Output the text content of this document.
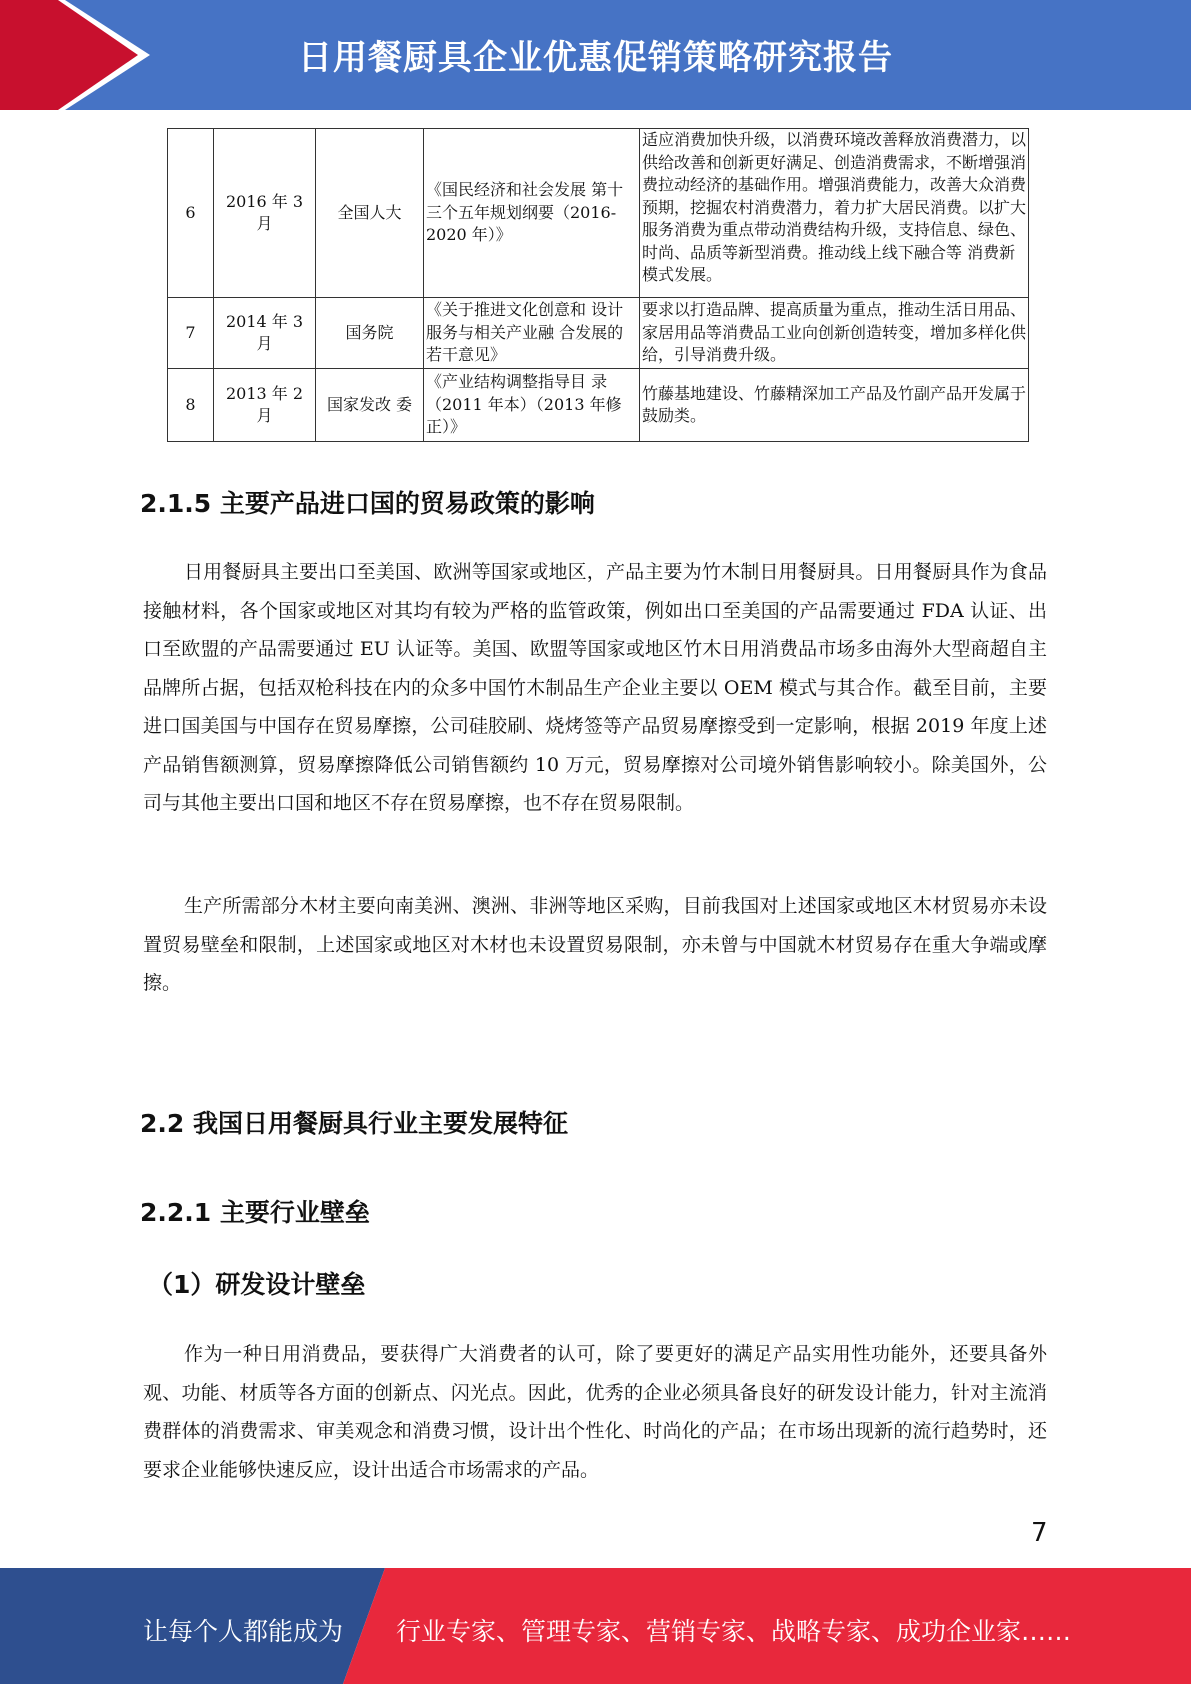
日用餐厨具企业优惠促销策略研究报告
6	2016 年 3 月	全国人大	《国民经济和社会发展 第十三个五年规划纲要（2016-2020 年）》	适应消费加快升级，以消费环境改善释放消费潜力，以供给改善和创新更好满足、创造消费需求，不断增强消费拉动经济的基础作用。增强消费能力，改善大众消费预期，挖掘农村消费潜力，着力扩大居民消费。以扩大服务消费为重点带动消费结构升级，支持信息、绿色、 时尚、品质等新型消费。推动线上线下融合等 消费新模式发展。

7	2014 年 3 月	国务院	《关于推进文化创意和 设计服务与相关产业融 合发展的若干意见》	要求以打造品牌、提高质量为重点，推动生活日用品、家居用品等消费品工业向创新创造转变，增加多样化供给，引导消费升级。
8	2013 年 2 月	国家发改 委	《产业结构调整指导目 录（2011 年本）（2013 年修正）》	竹藤基地建设、竹藤精深加工产品及竹副产品开发属于鼓励类。
2.1.5 主要产品进口国的贸易政策的影响

日用餐厨具主要出口至美国、欧洲等国家或地区，产品主要为竹木制日用餐厨具。日用餐厨具作为食品接触材料，各个国家或地区对其均有较为严格的监管政策，例如出口至美国的产品需要通过 FDA 认证、出口至欧盟的产品需要通过 EU 认证等。美国、欧盟等国家或地区竹木日用消费品市场多由海外大型商超自主品牌所占据，包括双枪科技在内的众多中国竹木制品生产企业主要以 OEM 模式与其合作。截至目前，主要进口国美国与中国存在贸易摩擦，公司硅胶刷、烧烤签等产品贸易摩擦受到一定影响，根据 2019 年度上述产品销售额测算，贸易摩擦降低公司销售额约 10 万元，贸易摩擦对公司境外销售影响较小。除美国外，公司与其他主要出口国和地区不存在贸易摩擦，也不存在贸易限制。

生产所需部分木材主要向南美洲、澳洲、非洲等地区采购，目前我国对上述国家或地区木材贸易亦未设置贸易壁垒和限制，上述国家或地区对木材也未设置贸易限制，亦未曾与中国就木材贸易存在重大争端或摩擦。

2.2 我国日用餐厨具行业主要发展特征
2.2.1 主要行业壁垒
（1）研发设计壁垒

作为一种日用消费品，要获得广大消费者的认可，除了要更好的满足产品实用性功能外，还要具备外观、功能、材质等各方面的创新点、闪光点。因此，优秀的企业必须具备良好的研发设计能力，针对主流消费群体的消费需求、审美观念和消费习惯，设计出个性化、时尚化的产品；在市场出现新的流行趋势时，还要求企业能够快速反应，设计出适合市场需求的产品。

7
让每个人都能成为 行业专家、管理专家、营销专家、战略专家、成功企业家……
